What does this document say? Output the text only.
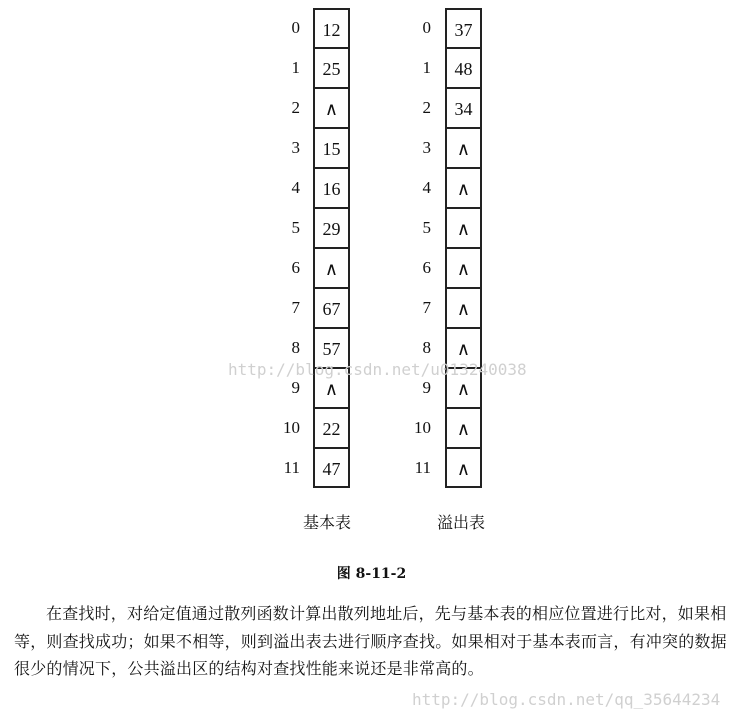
0	12
1	25
2	∧
3	15
4	16
5	29
6	∧
7	67
8	57
9	∧
10	22
11	47
0	37
1	48
2	34
3	∧
4	∧
5	∧
6	∧
7	∧
8	∧
9	∧
10	∧
11	∧
基本表	溢出表
图 8-11-2
在查找时，对给定值通过散列函数计算出散列地址后，先与基本表的相应位置进行比对，如果相等，则查找成功；如果不相等，则到溢出表去进行顺序查找。如果相对于基本表而言，有冲突的数据很少的情况下，公共溢出区的结构对查找性能来说还是非常高的。
http://blog.csdn.net/u013240038
http://blog.csdn.net/qq_35644234
